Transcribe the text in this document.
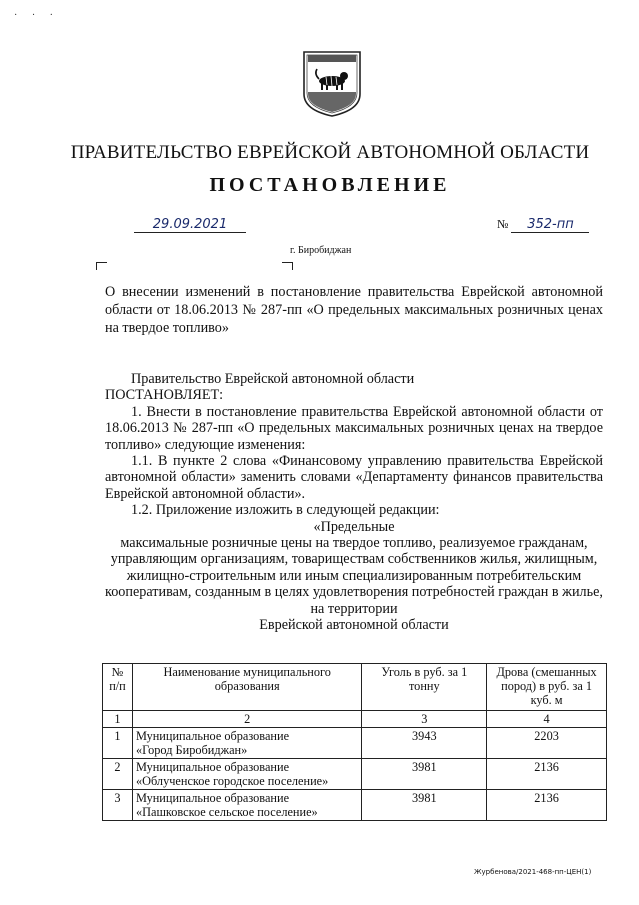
· · ·
ПРАВИТЕЛЬСТВО ЕВРЕЙСКОЙ АВТОНОМНОЙ ОБЛАСТИ
ПОСТАНОВЛЕНИЕ
29.09.2021	№ 352-пп
г. Биробиджан
О внесении изменений в постановление правительства Еврейской автономной области от 18.06.2013 № 287-пп «О предельных максимальных розничных ценах на твердое топливо»

Правительство Еврейской автономной области

ПОСТАНОВЛЯЕТ:

1. Внести в постановление правительства Еврейской автономной области от 18.06.2013 № 287-пп «О предельных максимальных розничных ценах на твердое топливо» следующие изменения:

1.1. В пункте 2 слова «Финансовому управлению правительства Еврейской автономной области» заменить словами «Департаменту финансов правительства Еврейской автономной области».

1.2. Приложение изложить в следующей редакции:

«Предельные

максимальные розничные цены на твердое топливо, реализуемое гражданам, управляющим организациям, товариществам собственников жилья, жилищным, жилищно-строительным или иным специализированным потребительским кооперативам, созданным в целях удовлетворения потребностей граждан в жилье, на территории

Еврейской автономной области

№ п/п	Наименование муниципального образования	Уголь в руб. за 1 тонну	Дрова (смешанных пород) в руб. за 1 куб. м
1	2	3	4
1	Муниципальное образование
«Город Биробиджан»	3943	2203
2	Муниципальное образование
«Облученское городское поселение»	3981	2136
3	Муниципальное образование
«Пашковское сельское поселение»	3981	2136
Журбенова/2021-468-пп-ЦЕН(1)
